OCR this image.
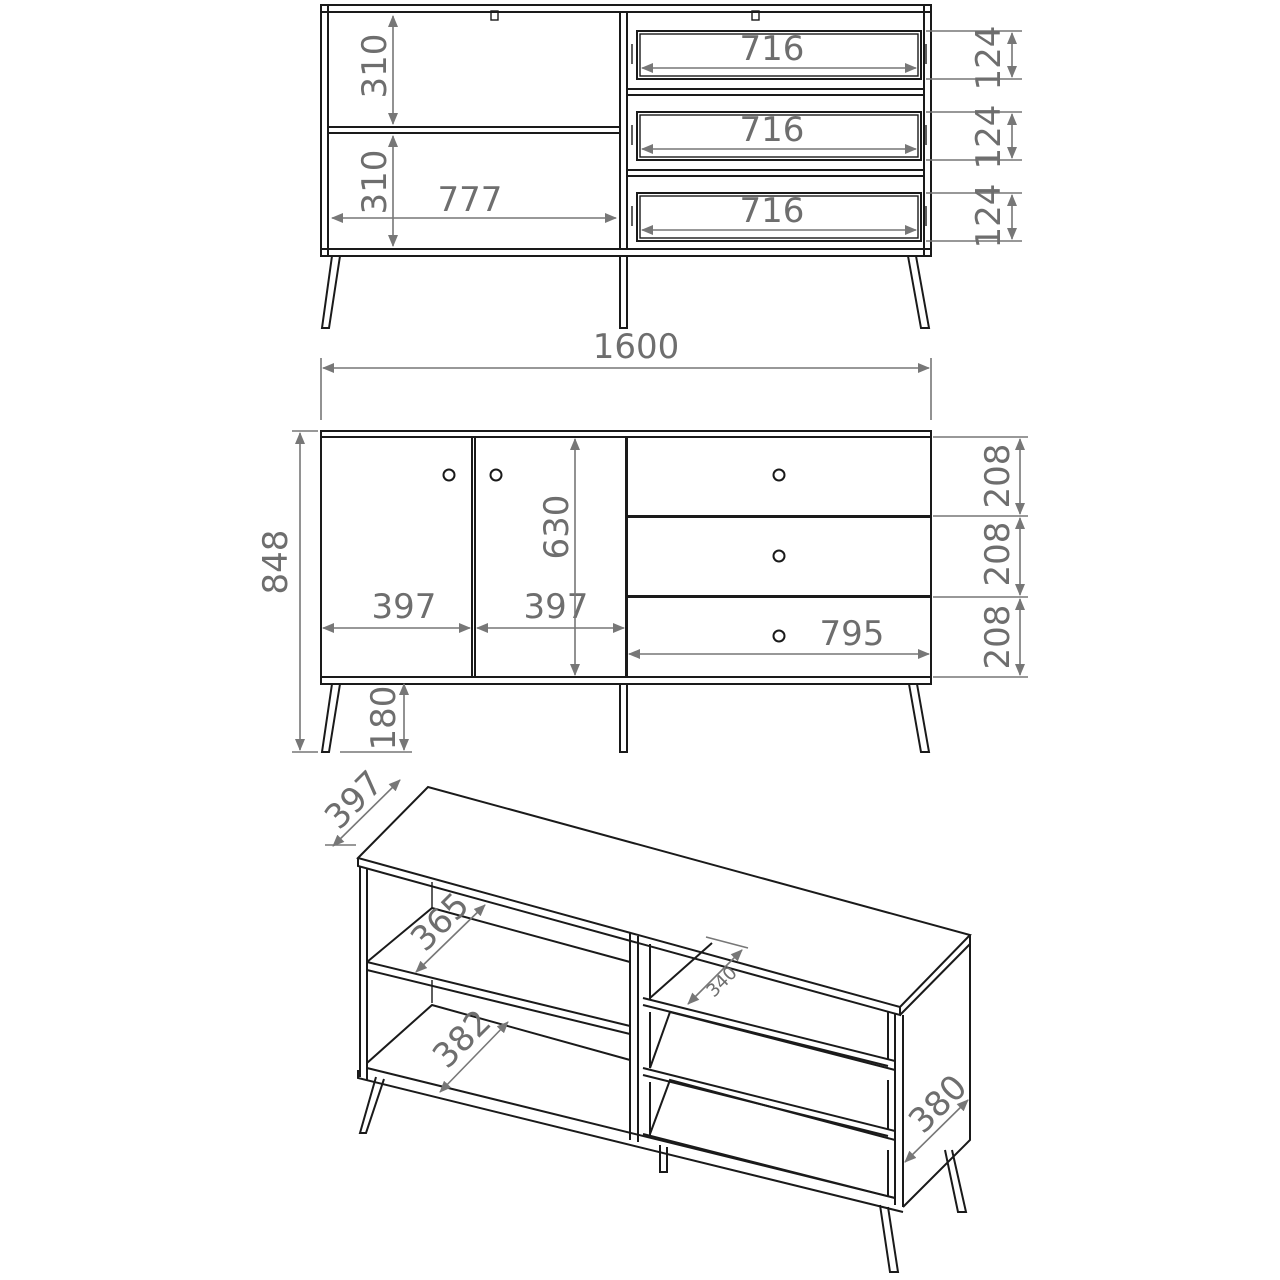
310
310 777
716
716
716
124
124
124
1600
848
180
397	397
630
795
208
208
208
397
365
382
340
380
